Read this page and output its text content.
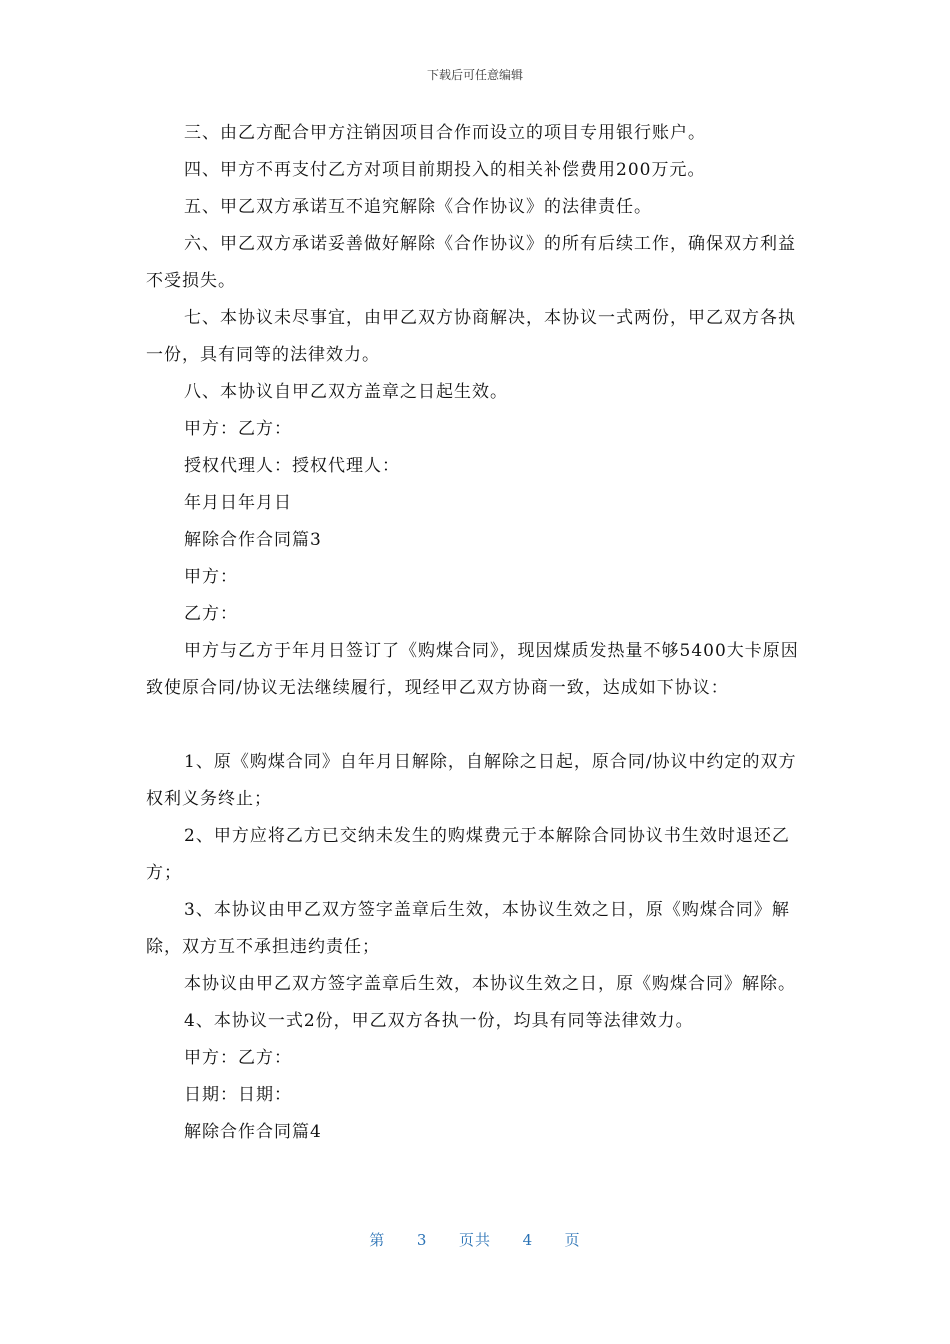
下载后可任意编辑

三、由乙方配合甲方注销因项目合作而设立的项目专用银行账户。

四、甲方不再支付乙方对项目前期投入的相关补偿费用200万元。

五、甲乙双方承诺互不追究解除《合作协议》的法律责任。

六、甲乙双方承诺妥善做好解除《合作协议》的所有后续工作，确保双方利益不受损失。

七、本协议未尽事宜，由甲乙双方协商解决，本协议一式两份，甲乙双方各执一份，具有同等的法律效力。

八、本协议自甲乙双方盖章之日起生效。

甲方：乙方：

授权代理人：授权代理人：

年月日年月日

解除合作合同篇3

甲方：

乙方：

甲方与乙方于年月日签订了《购煤合同》，现因煤质发热量不够5400大卡原因致使原合同/协议无法继续履行，现经甲乙双方协商一致，达成如下协议：

1、原《购煤合同》自年月日解除，自解除之日起，原合同/协议中约定的双方权利义务终止；

2、甲方应将乙方已交纳未发生的购煤费元于本解除合同协议书生效时退还乙方；

3、本协议由甲乙双方签字盖章后生效，本协议生效之日，原《购煤合同》解除，双方互不承担违约责任；

本协议由甲乙双方签字盖章后生效，本协议生效之日，原《购煤合同》解除。

4、本协议一式2份，甲乙双方各执一份，均具有同等法律效力。

甲方：乙方：

日期：日期：

解除合作合同篇4

第 3 页共 4 页
